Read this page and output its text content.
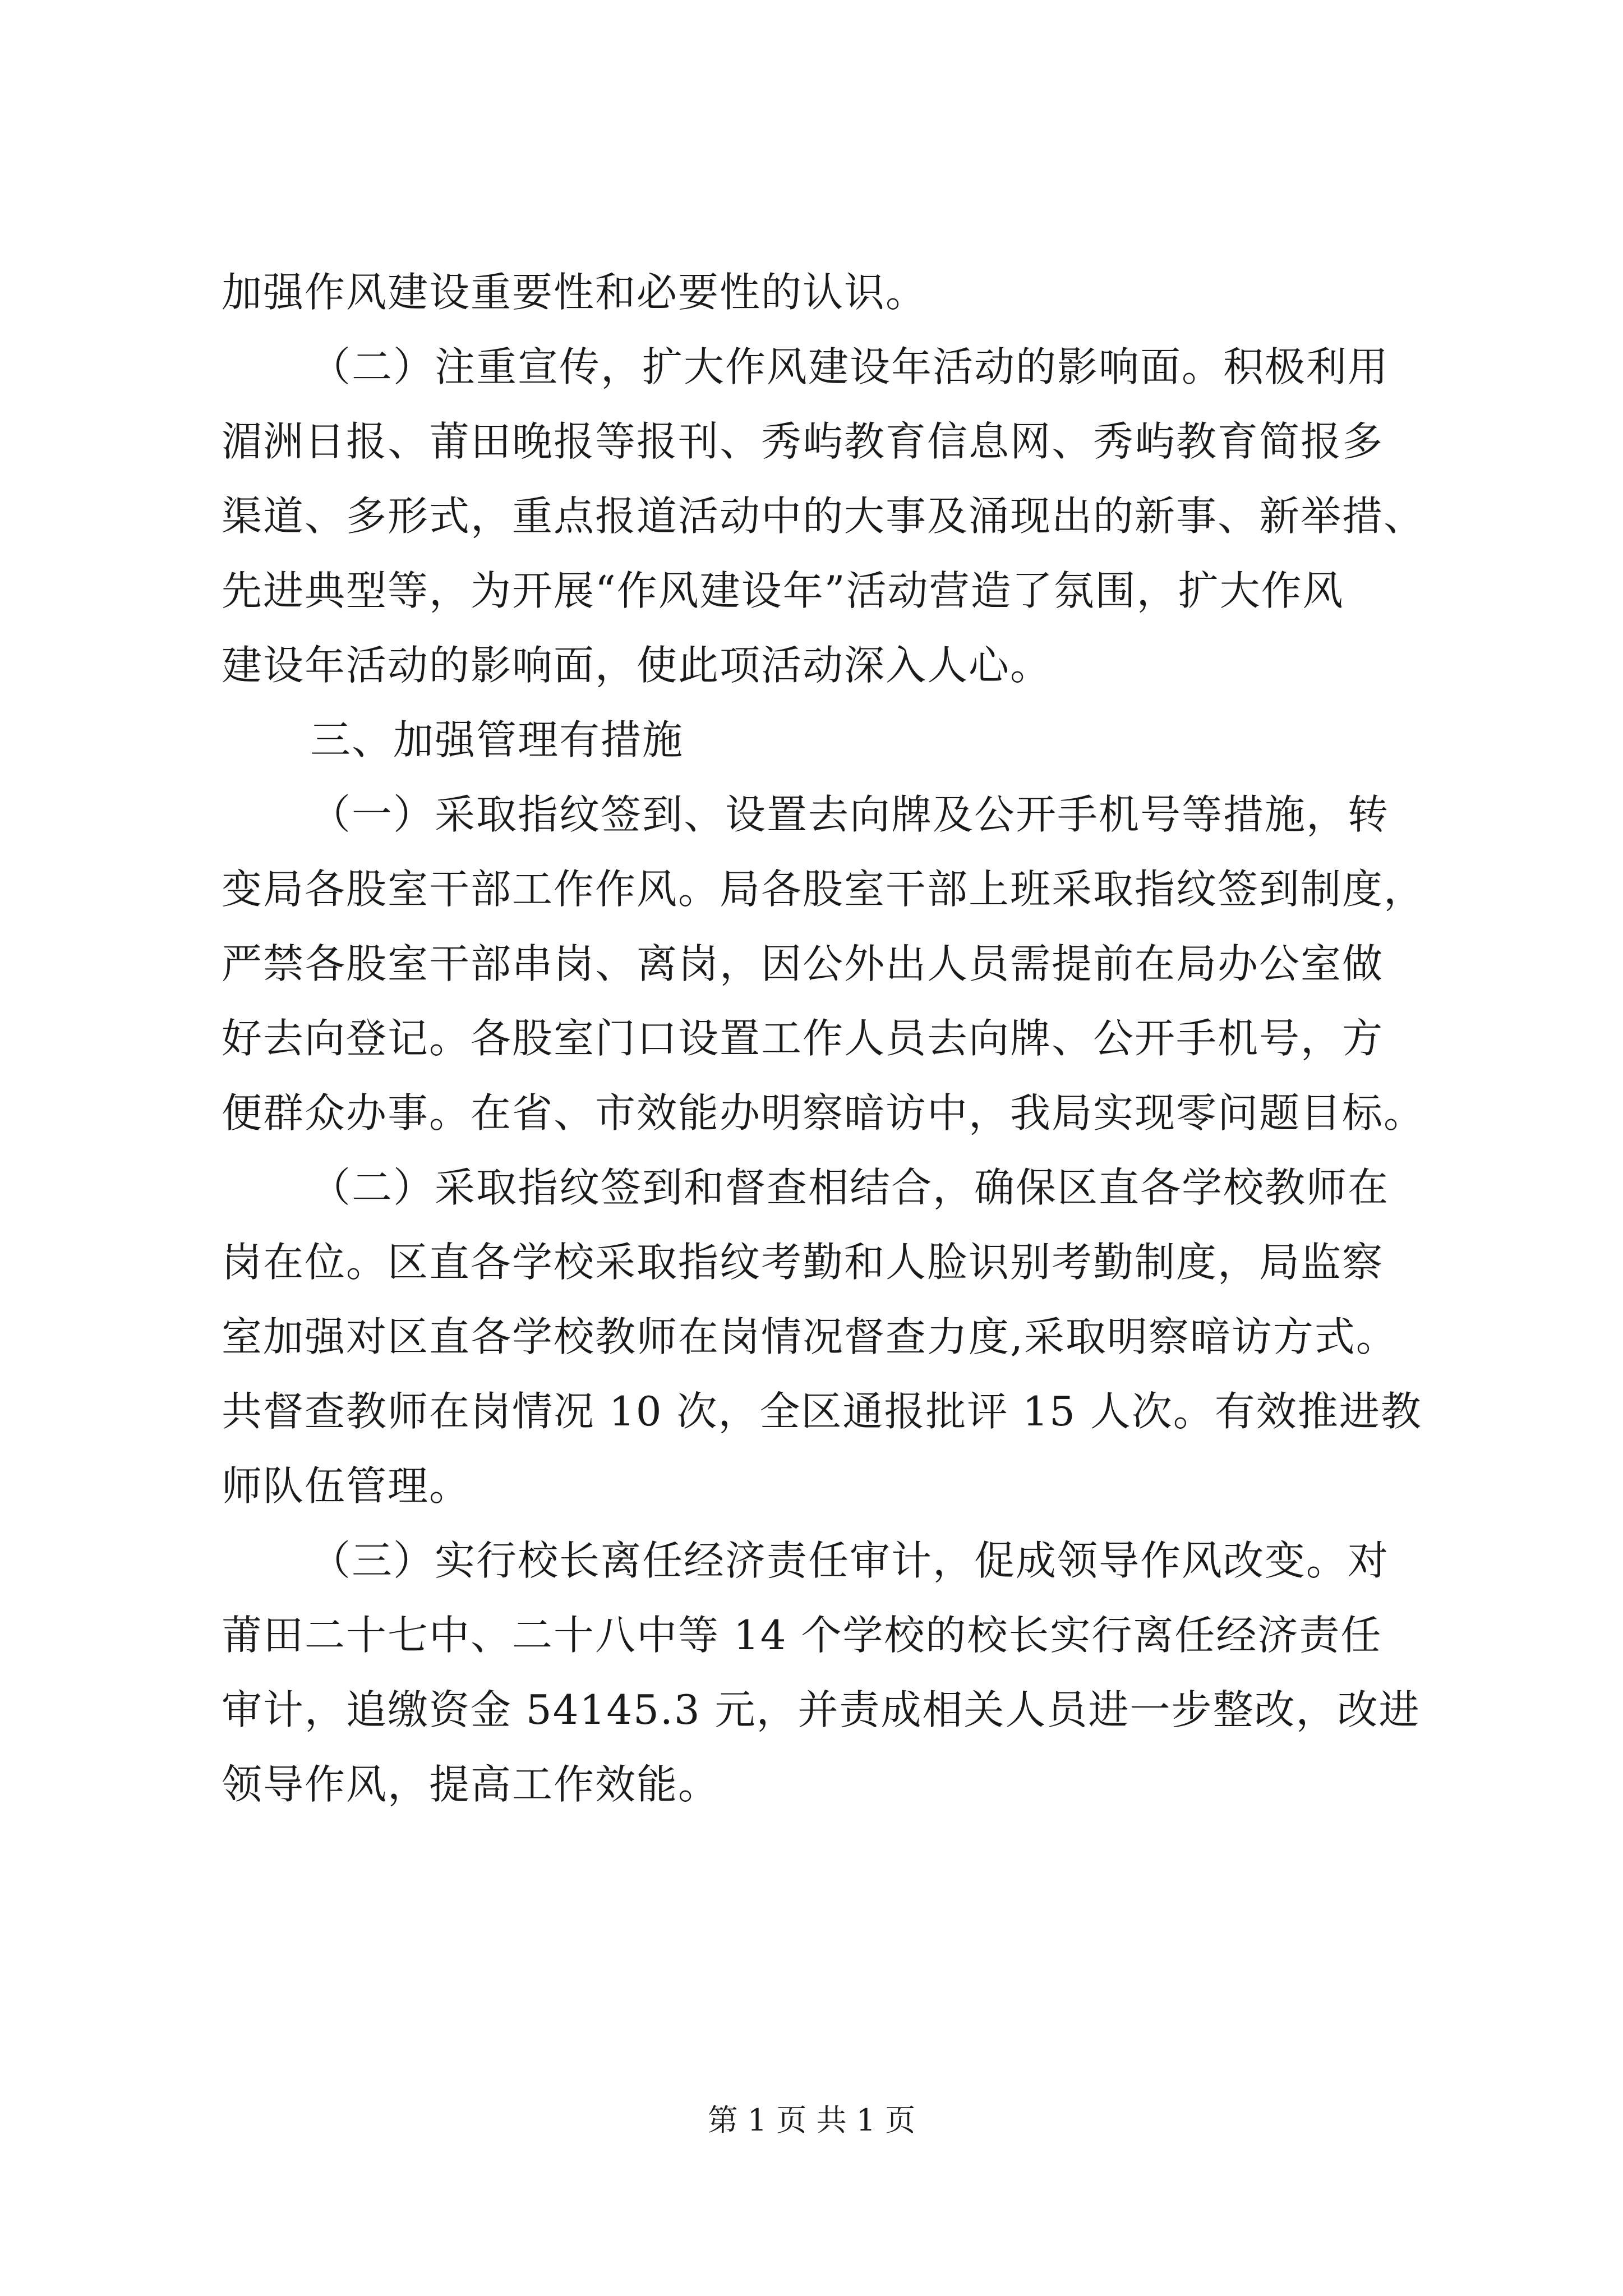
加强作风建设重要性和必要性的认识。
（二）注重宣传，扩大作风建设年活动的影响面。积极利用
湄洲日报、莆田晚报等报刊、秀屿教育信息网、秀屿教育简报多
渠道、多形式，重点报道活动中的大事及涌现出的新事、新举措、
先进典型等，为开展“作风建设年”活动营造了氛围，扩大作风
建设年活动的影响面，使此项活动深入人心。
三、加强管理有措施
（一）采取指纹签到、设置去向牌及公开手机号等措施，转
变局各股室干部工作作风。局各股室干部上班采取指纹签到制度，
严禁各股室干部串岗、离岗，因公外出人员需提前在局办公室做
好去向登记。各股室门口设置工作人员去向牌、公开手机号，方
便群众办事。在省、市效能办明察暗访中，我局实现零问题目标。
（二）采取指纹签到和督查相结合，确保区直各学校教师在
岗在位。区直各学校采取指纹考勤和人脸识别考勤制度，局监察
室加强对区直各学校教师在岗情况督查力度,采取明察暗访方式。
共督查教师在岗情况 10 次，全区通报批评 15 人次。有效推进教
师队伍管理。
（三）实行校长离任经济责任审计，促成领导作风改变。对
莆田二十七中、二十八中等 14 个学校的校长实行离任经济责任
审计，追缴资金 54145.3 元，并责成相关人员进一步整改，改进
领导作风，提高工作效能。
第 1 页 共 1 页
